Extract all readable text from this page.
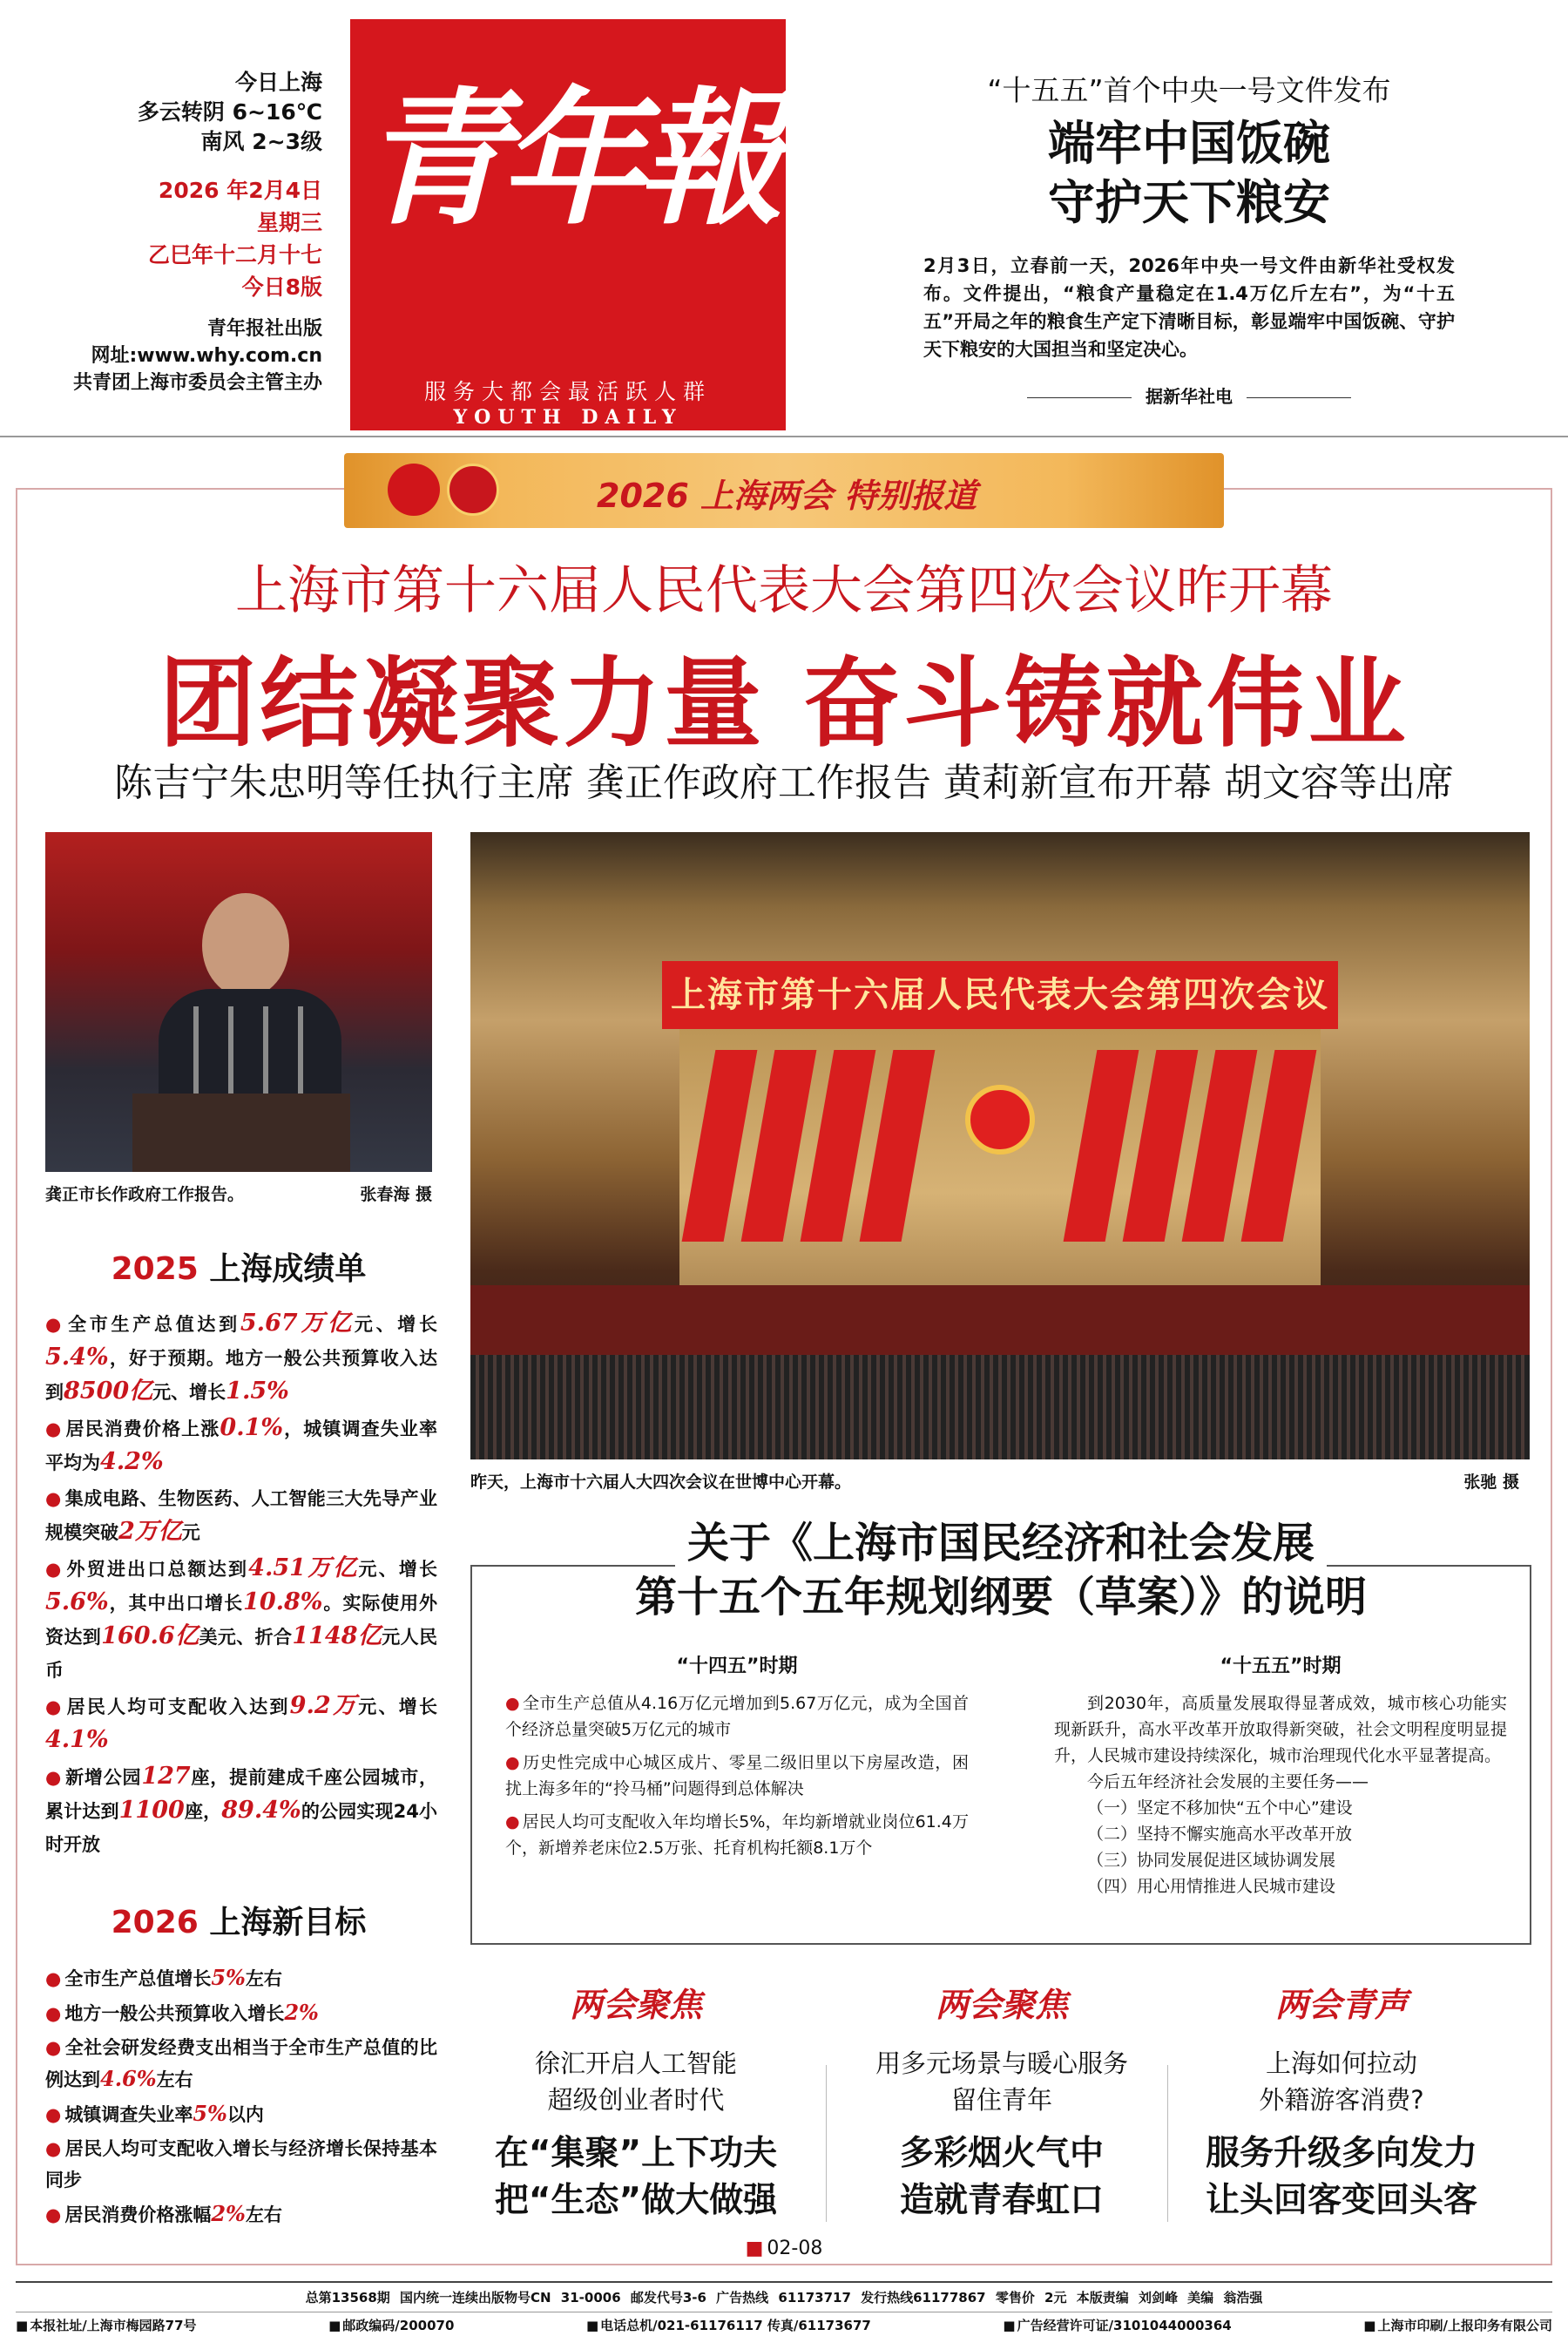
今日上海
多云转阴 6~16℃
南风 2~3级
2026 年2月4日
星期三
乙巳年十二月十七
今日8版
青年报社出版
网址:www.why.com.cn
共青团上海市委员会主管主办
青年報
服务大都会最活跃人群
YOUTH DAILY
“十五五”首个中央一号文件发布
端牢中国饭碗
守护天下粮安
2月3日，立春前一天，2026年中央一号文件由新华社受权发布。文件提出，“粮食产量稳定在1.4万亿斤左右”，为“十五五”开局之年的粮食生产定下清晰目标，彰显端牢中国饭碗、守护天下粮安的大国担当和坚定决心。
据新华社电
2026 上海两会 特别报道
上海市第十六届人民代表大会第四次会议昨开幕
团结凝聚力量 奋斗铸就伟业
陈吉宁朱忠明等任执行主席 龚正作政府工作报告 黄莉新宣布开幕 胡文容等出席
龚正市长作政府工作报告。	张春海 摄
上海市第十六届人民代表大会第四次会议
昨天，上海市十六届人大四次会议在世博中心开幕。	张驰 摄
2025 上海成绩单
● 全市生产总值达到5.67万亿元、增长5.4%，好于预期。地方一般公共预算收入达到8500亿元、增长1.5%
● 居民消费价格上涨0.1%，城镇调查失业率平均为4.2%
● 集成电路、生物医药、人工智能三大先导产业规模突破2万亿元
● 外贸进出口总额达到4.51万亿元、增长5.6%，其中出口增长10.8%。实际使用外资达到160.6亿美元、折合1148亿元人民币
● 居民人均可支配收入达到9.2万元、增长4.1%
● 新增公园127座，提前建成千座公园城市，累计达到1100座，89.4%的公园实现24小时开放
2026 上海新目标
● 全市生产总值增长5%左右
● 地方一般公共预算收入增长2%
● 全社会研发经费支出相当于全市生产总值的比例达到4.6%左右
● 城镇调查失业率5%以内
● 居民人均可支配收入增长与经济增长保持基本同步
● 居民消费价格涨幅2%左右
关于《上海市国民经济和社会发展
第十五个五年规划纲要（草案）》的说明
“十四五”时期
● 全市生产总值从4.16万亿元增加到5.67万亿元，成为全国首个经济总量突破5万亿元的城市
● 历史性完成中心城区成片、零星二级旧里以下房屋改造，困扰上海多年的“拎马桶”问题得到总体解决
● 居民人均可支配收入年均增长5%，年均新增就业岗位61.4万个，新增养老床位2.5万张、托育机构托额8.1万个
“十五五”时期

到2030年，高质量发展取得显著成效，城市核心功能实现新跃升，高水平改革开放取得新突破，社会文明程度明显提升，人民城市建设持续深化，城市治理现代化水平显著提高。

今后五年经济社会发展的主要任务——

（一）坚定不移加快“五个中心”建设

（二）坚持不懈实施高水平改革开放

（三）协同发展促进区域协调发展

（四）用心用情推进人民城市建设

两会聚焦
徐汇开启人工智能
超级创业者时代
在“集聚”上下功夫
把“生态”做大做强
两会聚焦
用多元场景与暖心服务
留住青年
多彩烟火气中
造就青春虹口
两会青声
上海如何拉动
外籍游客消费?
服务升级多向发力
让头回客变回头客
■ 02-08
总第13568期 国内统一连续出版物号CN 31-0006 邮发代号3-6 广告热线 61173717 发行热线61177867 零售价 2元 本版责编 刘剑峰 美编 翁浩强
■ 本报社址/上海市梅园路77号	■ 邮政编码/200070	■ 电话总机/021-61176117 传真/61173677	■ 广告经营许可证/3101044000364	■ 上海市印刷/上报印务有限公司
